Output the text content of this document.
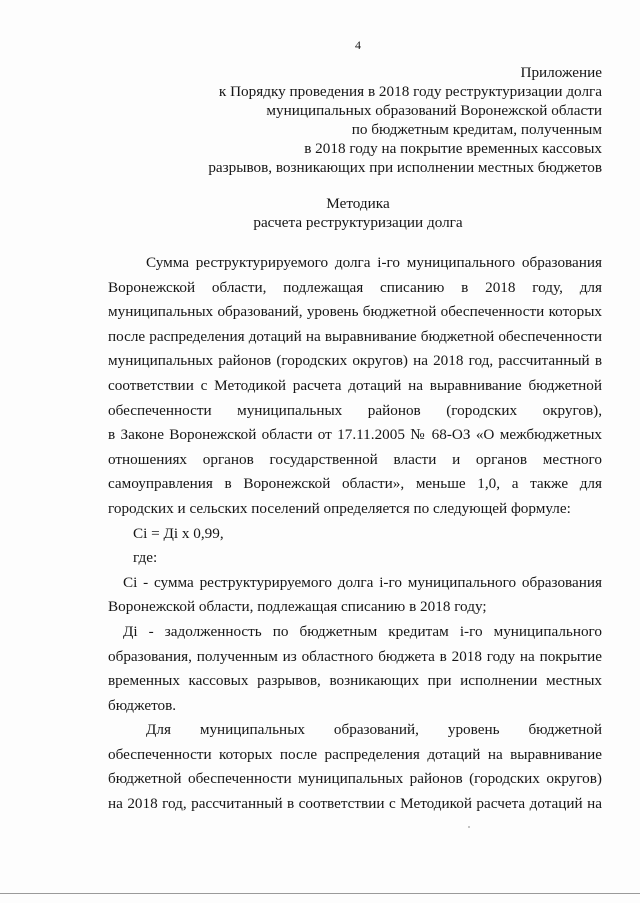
4
Приложение
к Порядку проведения в 2018 году реструктуризации долга
муниципальных образований Воронежской области
по бюджетным кредитам, полученным
в 2018 году на покрытие временных кассовых
разрывов, возникающих при исполнении местных бюджетов
Методика
расчета реструктуризации долга
Сумма реструктурируемого долга i-го муниципального образования
Воронежской области, подлежащая списанию в 2018 году, для
муниципальных образований, уровень бюджетной обеспеченности которых
после распределения дотаций на выравнивание бюджетной обеспеченности
муниципальных районов (городских округов) на 2018 год, рассчитанный в
соответствии с Методикой расчета дотаций на выравнивание бюджетной
обеспеченности муниципальных районов (городских округов),
в Законе Воронежской области от 17.11.2005 № 68-ОЗ «О межбюджетных
отношениях органов государственной власти и органов местного
самоуправления в Воронежской области», меньше 1,0, а также для
городских и сельских поселений определяется по следующей формуле:
Сi = Дi х 0,99,
где:
Сi - сумма реструктурируемого долга i-го муниципального образования
Воронежской области, подлежащая списанию в 2018 году;
Дi - задолженность по бюджетным кредитам i-го муниципального
образования, полученным из областного бюджета в 2018 году на покрытие
временных кассовых разрывов, возникающих при исполнении местных
бюджетов.
Для муниципальных образований, уровень бюджетной
обеспеченности которых после распределения дотаций на выравнивание
бюджетной обеспеченности муниципальных районов (городских округов)
на 2018 год, рассчитанный в соответствии с Методикой расчета дотаций на
